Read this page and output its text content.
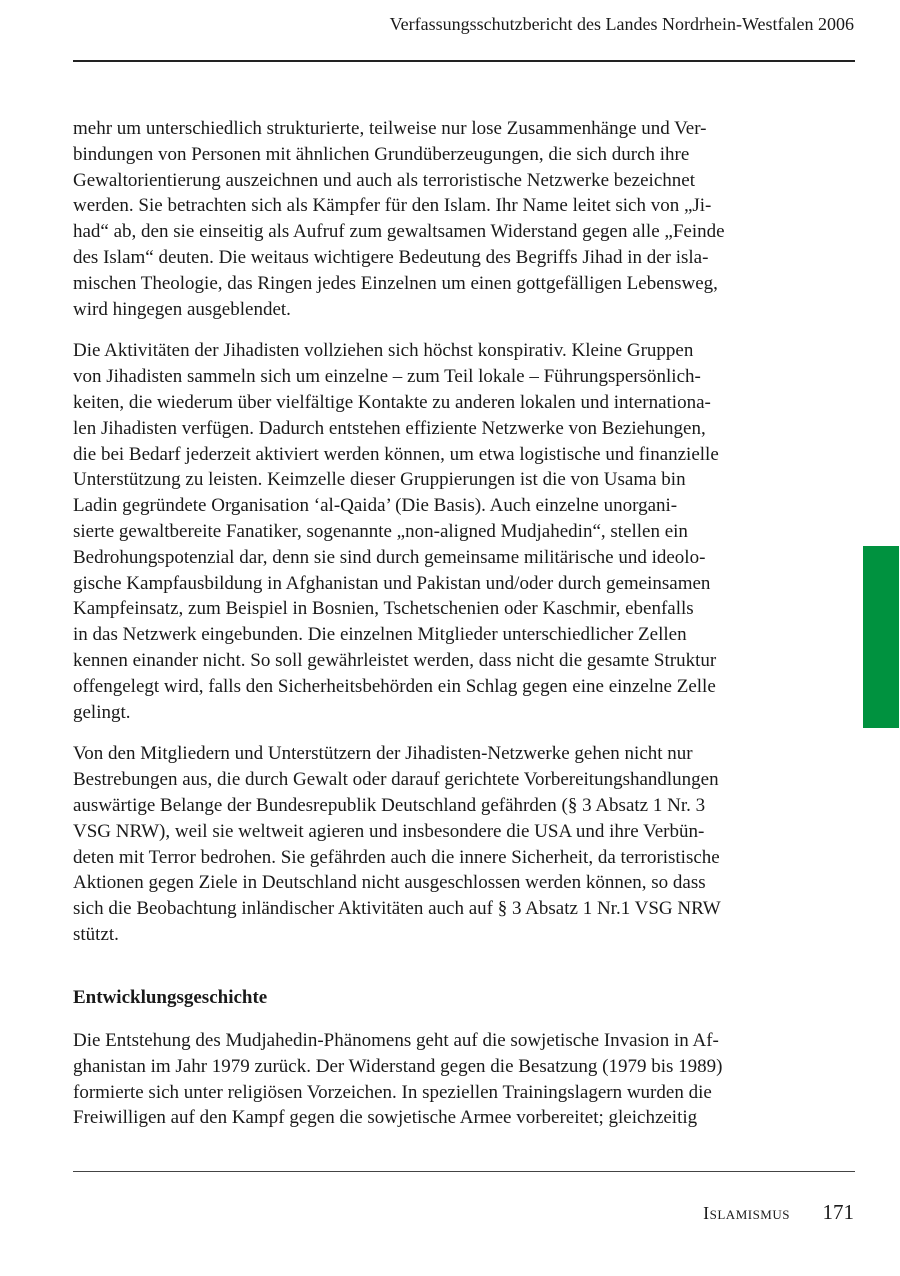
Verfassungsschutzbericht des Landes Nordrhein-Westfalen 2006

mehr um unterschiedlich strukturierte, teilweise nur lose Zusammenhänge und Ver-
bindungen von Personen mit ähnlichen Grundüberzeugungen, die sich durch ihre
Gewaltorientierung auszeichnen und auch als terroristische Netzwerke bezeichnet
werden. Sie betrachten sich als Kämpfer für den Islam. Ihr Name leitet sich von „Ji-
had“ ab, den sie einseitig als Aufruf zum gewaltsamen Widerstand gegen alle „Feinde
des Islam“ deuten. Die weitaus wichtigere Bedeutung des Begriffs Jihad in der isla-
mischen Theologie, das Ringen jedes Einzelnen um einen gottgefälligen Lebensweg,
wird hingegen ausgeblendet.

Die Aktivitäten der Jihadisten vollziehen sich höchst konspirativ. Kleine Gruppen
von Jihadisten sammeln sich um einzelne – zum Teil lokale – Führungspersönlich-
keiten, die wiederum über vielfältige Kontakte zu anderen lokalen und internationa-
len Jihadisten verfügen. Dadurch entstehen effiziente Netzwerke von Beziehungen,
die bei Bedarf jederzeit aktiviert werden können, um etwa logistische und finanzielle
Unterstützung zu leisten. Keimzelle dieser Gruppierungen ist die von Usama bin
Ladin gegründete Organisation ‘al-Qaida’ (Die Basis). Auch einzelne unorgani-
sierte gewaltbereite Fanatiker, sogenannte „non-aligned Mudjahedin“, stellen ein
Bedrohungspotenzial dar, denn sie sind durch gemeinsame militärische und ideolo-
gische Kampfausbildung in Afghanistan und Pakistan und/oder durch gemeinsamen
Kampfeinsatz, zum Beispiel in Bosnien, Tschetschenien oder Kaschmir, ebenfalls
in das Netzwerk eingebunden. Die einzelnen Mitglieder unterschiedlicher Zellen
kennen einander nicht. So soll gewährleistet werden, dass nicht die gesamte Struktur
offengelegt wird, falls den Sicherheitsbehörden ein Schlag gegen eine einzelne Zelle
gelingt.

Von den Mitgliedern und Unterstützern der Jihadisten-Netzwerke gehen nicht nur
Bestrebungen aus, die durch Gewalt oder darauf gerichtete Vorbereitungshandlungen
auswärtige Belange der Bundesrepublik Deutschland gefährden (§ 3 Absatz 1 Nr. 3
VSG NRW), weil sie weltweit agieren und insbesondere die USA und ihre Verbün-
deten mit Terror bedrohen. Sie gefährden auch die innere Sicherheit, da terroristische
Aktionen gegen Ziele in Deutschland nicht ausgeschlossen werden können, so dass
sich die Beobachtung inländischer Aktivitäten auch auf § 3 Absatz 1 Nr.1 VSG NRW
stützt.

Entwicklungsgeschichte

Die Entstehung des Mudjahedin-Phänomens geht auf die sowjetische Invasion in Af-
ghanistan im Jahr 1979 zurück. Der Widerstand gegen die Besatzung (1979 bis 1989)
formierte sich unter religiösen Vorzeichen. In speziellen Trainingslagern wurden die
Freiwilligen auf den Kampf gegen die sowjetische Armee vorbereitet; gleichzeitig

Islamismus 171
